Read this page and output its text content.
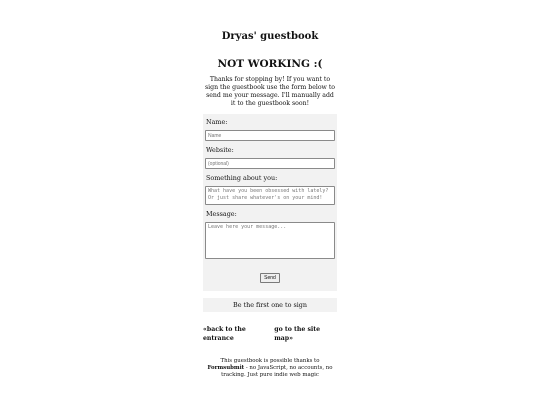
Dryas' guestbook
NOT WORKING :(
Thanks for stopping by! If you want to sign the guestbook use the form below to send me your message. I'll manually add it to the guestbook soon!
Name:
Name
Website:
(optional)
Something about you:
What have you been obsessed with lately? Or just share whatever's on your mind!
Message:
Leave here your message...
Send
Be the first one to sign
«back to the entrance
go to the site map»
This guestbook is possible thanks to Formsubmit - no JavaScript, no accounts, no tracking. Just pure indie web magic
